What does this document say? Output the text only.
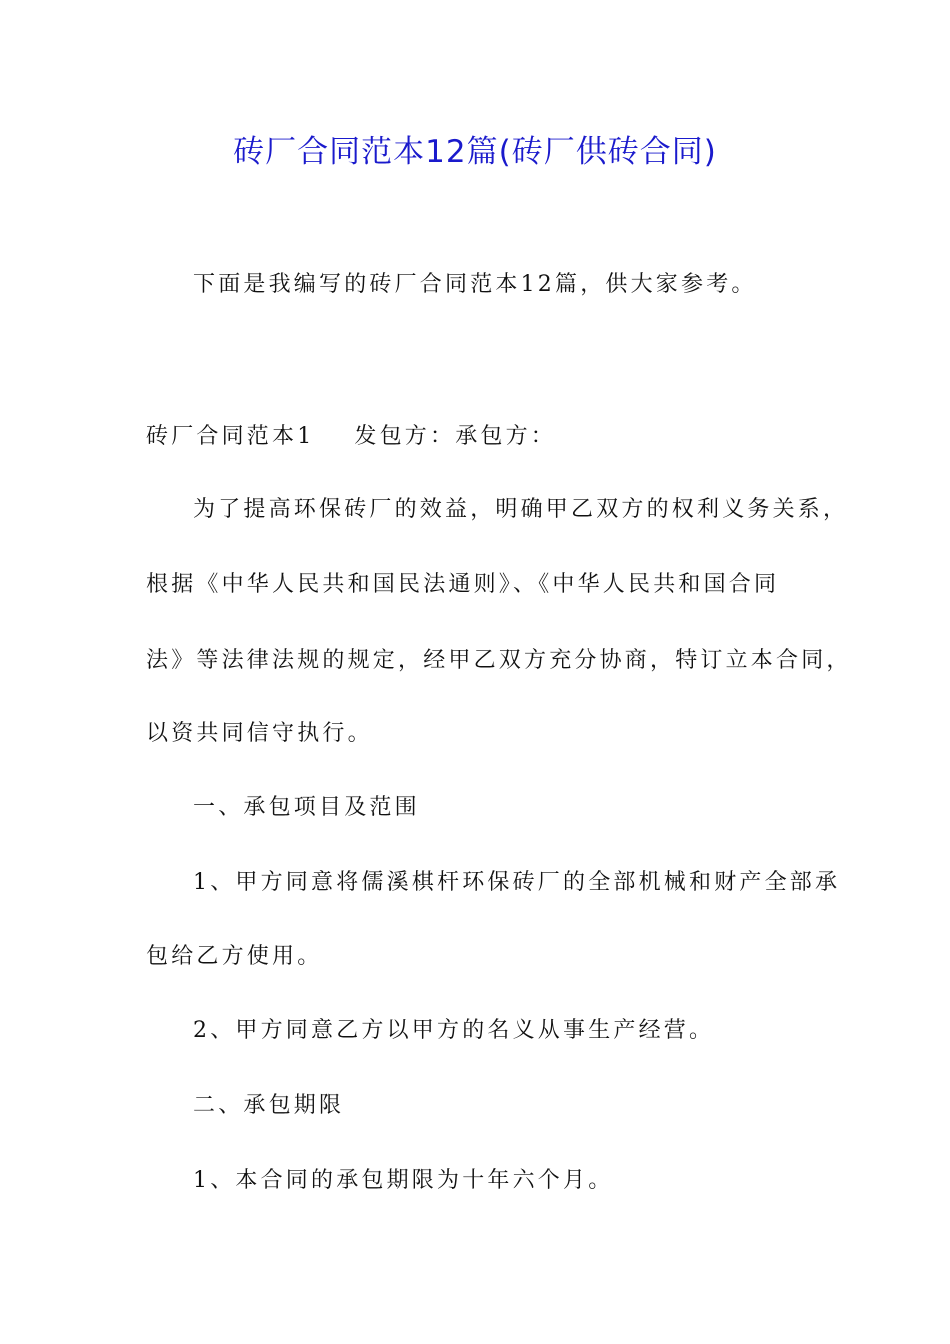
砖厂合同范本12篇(砖厂供砖合同)
下面是我编写的砖厂合同范本12篇，供大家参考。
砖厂合同范本1 发包方：承包方：
为了提高环保砖厂的效益，明确甲乙双方的权利义务关系，
根据《中华人民共和国民法通则》、《中华人民共和国合同
法》等法律法规的规定，经甲乙双方充分协商，特订立本合同，
以资共同信守执行。
一、承包项目及范围
1、甲方同意将儒溪棋杆环保砖厂的全部机械和财产全部承
包给乙方使用。
2、甲方同意乙方以甲方的名义从事生产经营。
二、承包期限
1、本合同的承包期限为十年六个月。
